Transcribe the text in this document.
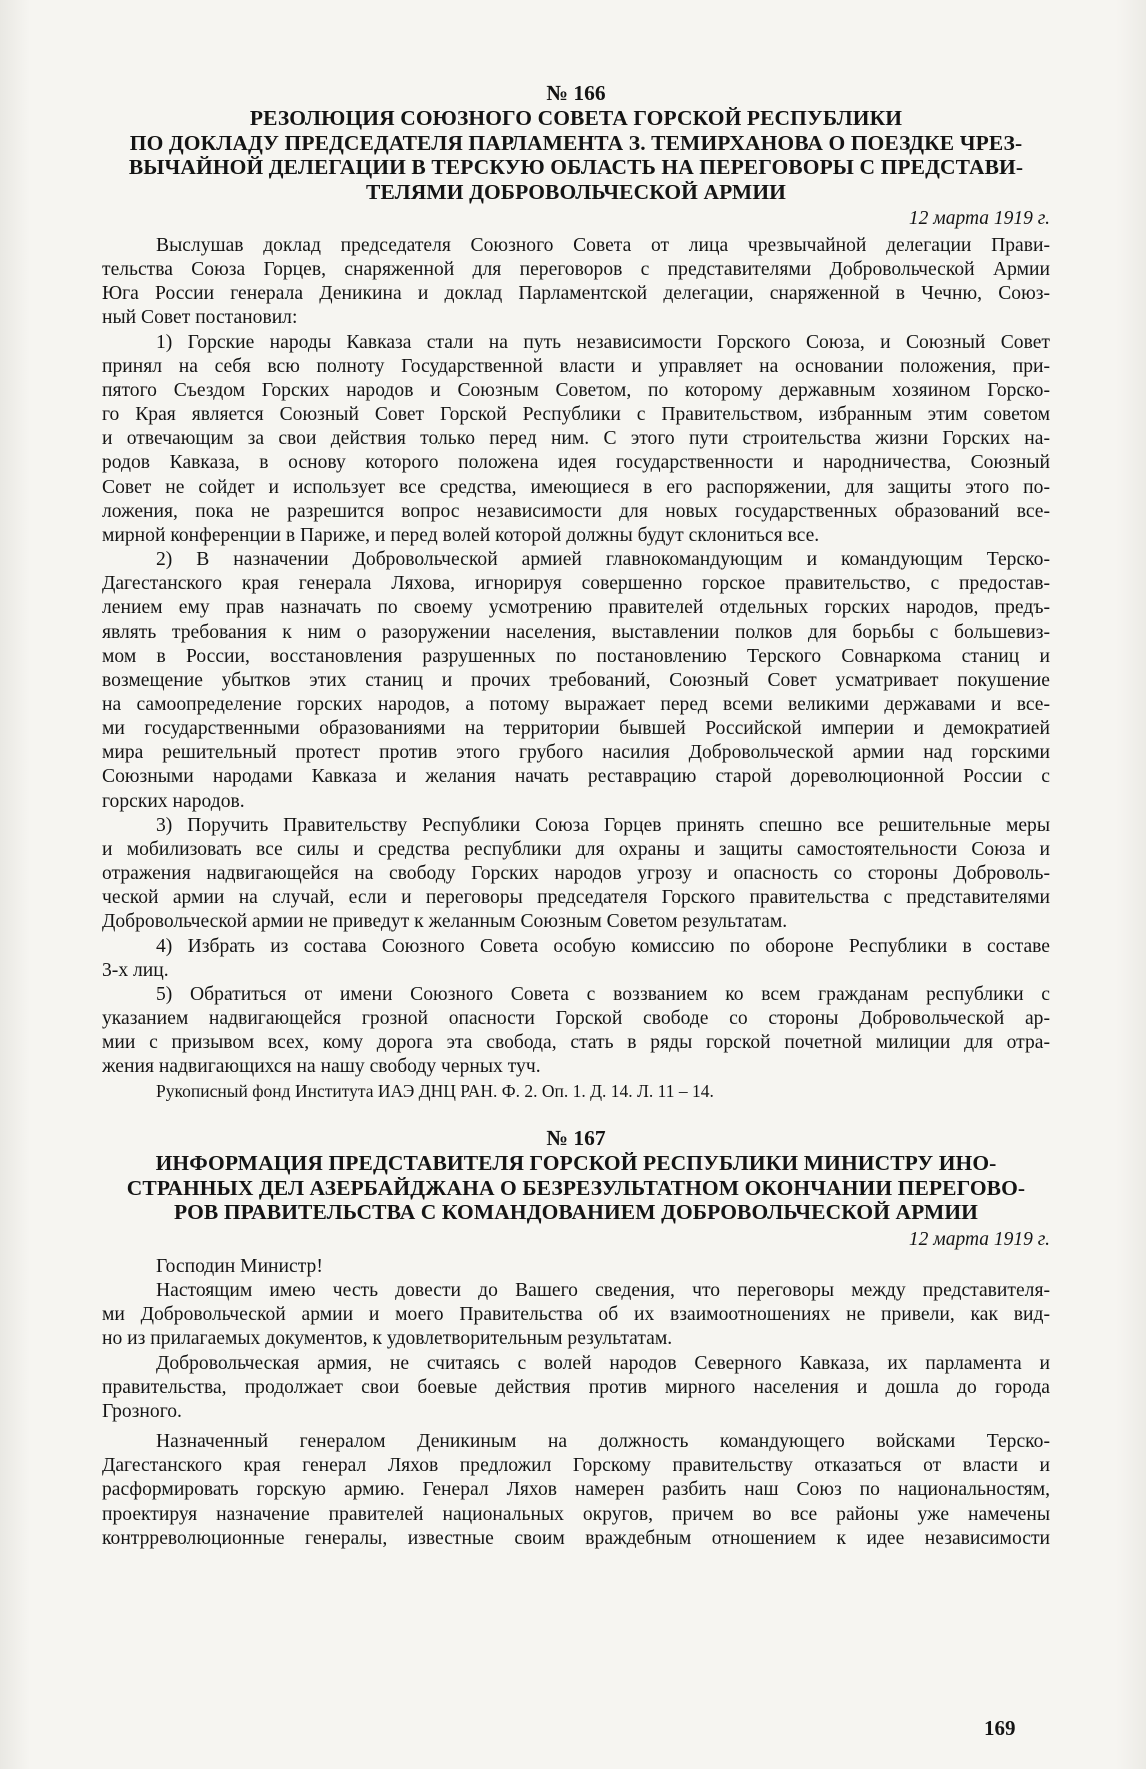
№ 166

РЕЗОЛЮЦИЯ СОЮЗНОГО СОВЕТА ГОРСКОЙ РЕСПУБЛИКИ
ПО ДОКЛАДУ ПРЕДСЕДАТЕЛЯ ПАРЛАМЕНТА З. ТЕМИРХАНОВА О ПОЕЗДКЕ ЧРЕЗ-
ВЫЧАЙНОЙ ДЕЛЕГАЦИИ В ТЕРСКУЮ ОБЛАСТЬ НА ПЕРЕГОВОРЫ С ПРЕДСТАВИ-
ТЕЛЯМИ ДОБРОВОЛЬЧЕСКОЙ АРМИИ

12 марта 1919 г.

Выслушав доклад председателя Союзного Совета от лица чрезвычайной делегации Прави-
тельства Союза Горцев, снаряженной для переговоров с представителями Добровольческой Армии
Юга России генерала Деникина и доклад Парламентской делегации, снаряженной в Чечню, Союз-
ный Совет постановил:
1) Горские народы Кавказа стали на путь независимости Горского Союза, и Союзный Совет
принял на себя всю полноту Государственной власти и управляет на основании положения, при-
пятого Съездом Горских народов и Союзным Советом, по которому державным хозяином Горско-
го Края является Союзный Совет Горской Республики с Правительством, избранным этим советом
и отвечающим за свои действия только перед ним. С этого пути строительства жизни Горских на-
родов Кавказа, в основу которого положена идея государственности и народничества, Союзный
Совет не сойдет и использует все средства, имеющиеся в его распоряжении, для защиты этого по-
ложения, пока не разрешится вопрос независимости для новых государственных образований все-
мирной конференции в Париже, и перед волей которой должны будут склониться все.
2) В назначении Добровольческой армией главнокомандующим и командующим Терско-
Дагестанского края генерала Ляхова, игнорируя совершенно горское правительство, с предостав-
лением ему прав назначать по своему усмотрению правителей отдельных горских народов, предъ-
являть требования к ним о разоружении населения, выставлении полков для борьбы с большевиз-
мом в России, восстановления разрушенных по постановлению Терского Совнаркома станиц и
возмещение убытков этих станиц и прочих требований, Союзный Совет усматривает покушение
на самоопределение горских народов, а потому выражает перед всеми великими державами и все-
ми государственными образованиями на территории бывшей Российской империи и демократией
мира решительный протест против этого грубого насилия Добровольческой армии над горскими
Союзными народами Кавказа и желания начать реставрацию старой дореволюционной России с
горских народов.
3) Поручить Правительству Республики Союза Горцев принять спешно все решительные меры
и мобилизовать все силы и средства республики для охраны и защиты самостоятельности Союза и
отражения надвигающейся на свободу Горских народов угрозу и опасность со стороны Доброволь-
ческой армии на случай, если и переговоры председателя Горского правительства с представителями
Добровольческой армии не приведут к желанным Союзным Советом результатам.
4) Избрать из состава Союзного Совета особую комиссию по обороне Республики в составе
3-х лиц.
5) Обратиться от имени Союзного Совета с воззванием ко всем гражданам республики с
указанием надвигающейся грозной опасности Горской свободе со стороны Добровольческой ар-
мии с призывом всех, кому дорога эта свобода, стать в ряды горской почетной милиции для отра-
жения надвигающихся на нашу свободу черных туч.

Рукописный фонд Института ИАЭ ДНЦ РАН. Ф. 2. Оп. 1. Д. 14. Л. 11 – 14.

№ 167

ИНФОРМАЦИЯ ПРЕДСТАВИТЕЛЯ ГОРСКОЙ РЕСПУБЛИКИ МИНИСТРУ ИНО-
СТРАННЫХ ДЕЛ АЗЕРБАЙДЖАНА О БЕЗРЕЗУЛЬТАТНОМ ОКОНЧАНИИ ПЕРЕГОВО-
РОВ ПРАВИТЕЛЬСТВА С КОМАНДОВАНИЕМ ДОБРОВОЛЬЧЕСКОЙ АРМИИ

12 марта 1919 г.

Господин Министр!
Настоящим имею честь довести до Вашего сведения, что переговоры между представителя-
ми Добровольческой армии и моего Правительства об их взаимоотношениях не привели, как вид-
но из прилагаемых документов, к удовлетворительным результатам.
Добровольческая армия, не считаясь с волей народов Северного Кавказа, их парламента и
правительства, продолжает свои боевые действия против мирного населения и дошла до города
Грозного.
Назначенный генералом Деникиным на должность командующего войсками Терско-
Дагестанского края генерал Ляхов предложил Горскому правительству отказаться от власти и
расформировать горскую армию. Генерал Ляхов намерен разбить наш Союз по национальностям,
проектируя назначение правителей национальных округов, причем во все районы уже намечены
контрреволюционные генералы, известные своим враждебным отношением к идее независимости
169
